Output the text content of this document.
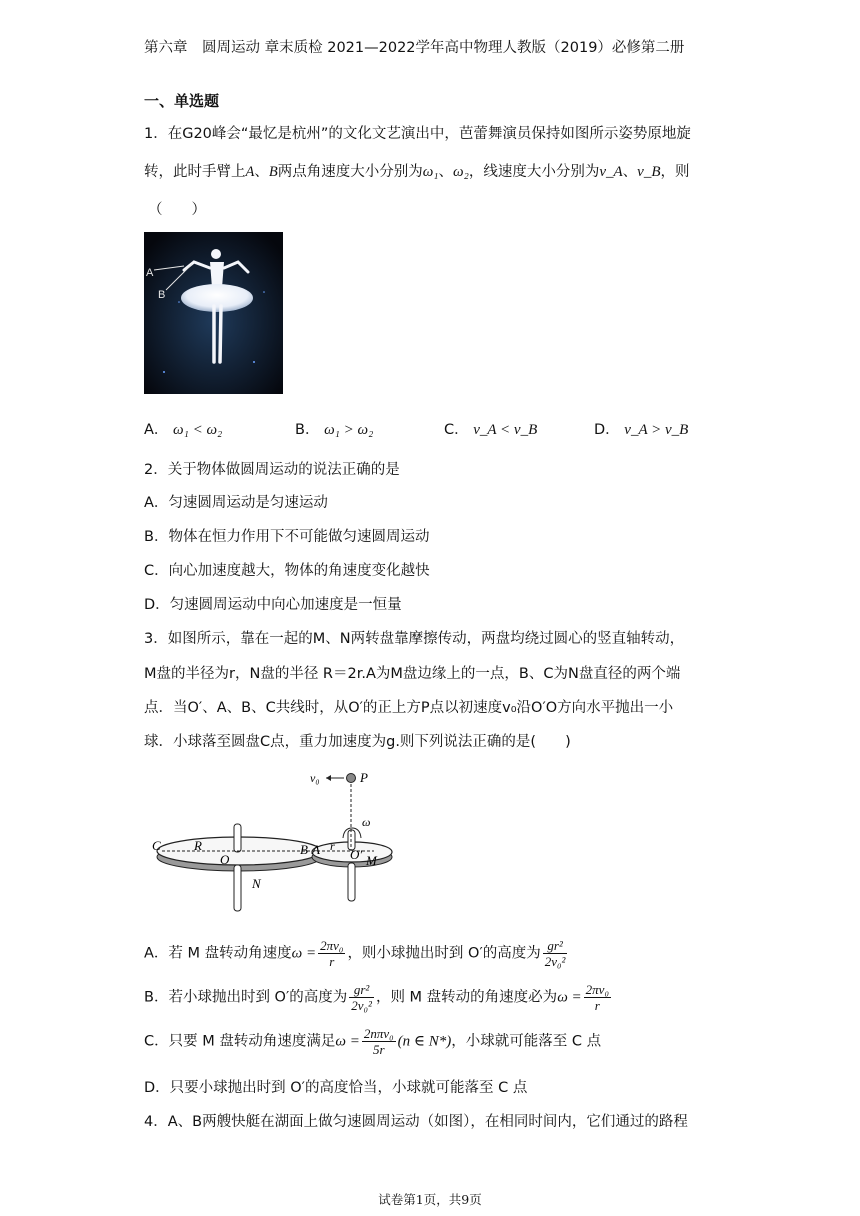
第六章　圆周运动 章末质检 2021—2022学年高中物理人教版（2019）必修第二册
一、单选题
1．在G20峰会“最忆是杭州”的文化文艺演出中，芭蕾舞演员保持如图所示姿势原地旋
转，此时手臂上A、B两点角速度大小分别为ω₁、ω₂，线速度大小分别为v_A、v_B，则
（　　）
A
B
A． ω₁ < ω₂	B． ω₁ > ω₂	C． v_A < v_B	D． v_A > v_B
2．关于物体做圆周运动的说法正确的是
A．匀速圆周运动是匀速运动
B．物体在恒力作用下不可能做匀速圆周运动
C．向心加速度越大，物体的角速度变化越快
D．匀速圆周运动中向心加速度是一恒量
3．如图所示，靠在一起的M、N两转盘靠摩擦传动，两盘均绕过圆心的竖直轴转动，
M盘的半径为r，N盘的半径 R＝2r.A为M盘边缘上的一点，B、C为N盘直径的两个端
点．当O′、A、B、C共线时，从O′的正上方P点以初速度v₀沿O′O方向水平抛出一小
球．小球落至圆盘C点，重力加速度为g.则下列说法正确的是(　　)
v₀	P
ω
C	R
O
B A r
O′ M
N
A．若 M 盘转动角速度$\omega = \frac{\text{2πv₀}}{r}$ ，则小球抛出时到 O′的高度为 $\frac{\text{gr²}}{\text{2v₀²}}$
B．若小球抛出时到 O′的高度为 $\frac{\text{gr²}}{\text{2v₀²}}$ ，则 M 盘转动的角速度必为$\omega = \frac{\text{2πv₀}}{r}$
C．只要 M 盘转动角速度满足$\omega = \frac{\text{2nπv₀}}{5r} (n$ ∈ N*)，小球就可能落至 C 点
D．只要小球抛出时到 O′的高度恰当，小球就可能落至 C 点
4．A、B两艘快艇在湖面上做匀速圆周运动（如图），在相同时间内，它们通过的路程
试卷第1页，共9页
